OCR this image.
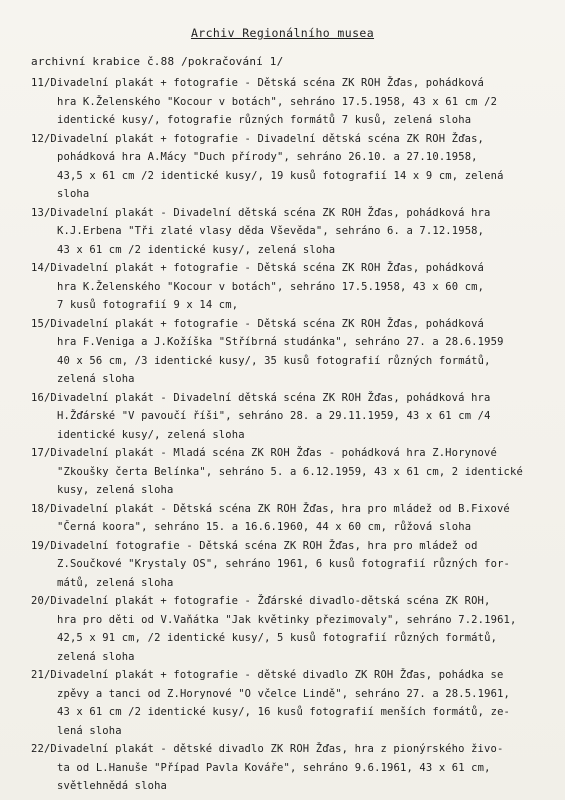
Archiv Regionálního musea
archivní krabice č.88 /pokračování 1/
11/Divadelní plakát + fotografie - Dětská scéna ZK ROH Žďas, pohádková
hra K.Želenského "Kocour v botách", sehráno 17.5.1958, 43 x 61 cm /2
identické kusy/, fotografie různých formátů 7 kusů, zelená sloha
12/Divadelní plakát + fotografie - Divadelní dětská scéna ZK ROH Žďas,
pohádková hra A.Mácy "Duch přírody", sehráno 26.10. a 27.10.1958,
43,5 x 61 cm /2 identické kusy/, 19 kusů fotografií 14 x 9 cm, zelená
sloha
13/Divadelní plakát - Divadelní dětská scéna ZK ROH Žďas, pohádková hra
K.J.Erbena "Tři zlaté vlasy děda Vševěda", sehráno 6. a 7.12.1958,
43 x 61 cm /2 identické kusy/, zelená sloha
14/Divadelní plakát + fotografie - Dětská scéna ZK ROH Žďas, pohádková
hra K.Želenského "Kocour v botách", sehráno 17.5.1958, 43 x 60 cm,
7 kusů fotografií 9 x 14 cm,
15/Divadelní plakát + fotografie - Dětská scéna ZK ROH Žďas, pohádková
hra F.Veniga a J.Kožíška "Stříbrná studánka", sehráno 27. a 28.6.1959
40 x 56 cm, /3 identické kusy/, 35 kusů fotografií různých formátů,
zelená sloha
16/Divadelní plakát - Divadelní dětská scéna ZK ROH Žďas, pohádková hra
H.Žďárské "V pavoučí říši", sehráno 28. a 29.11.1959, 43 x 61 cm /4
identické kusy/, zelená sloha
17/Divadelní plakát - Mladá scéna ZK ROH Žďas - pohádková hra Z.Horynové
"Zkoušky čerta Belínka", sehráno 5. a 6.12.1959, 43 x 61 cm, 2 identické
kusy, zelená sloha
18/Divadelní plakát - Dětská scéna ZK ROH Žďas, hra pro mládež od B.Fixové
"Černá koora", sehráno 15. a 16.6.1960, 44 x 60 cm, růžová sloha
19/Divadelní fotografie - Dětská scéna ZK ROH Žďas, hra pro mládež od
Z.Součkové "Krystaly OS", sehráno 1961, 6 kusů fotografií různých for-
mátů, zelená sloha
20/Divadelní plakát + fotografie - Žďárské divadlo-dětská scéna ZK ROH,
hra pro děti od V.Vaňátka "Jak květinky přezimovaly", sehráno 7.2.1961,
42,5 x 91 cm, /2 identické kusy/, 5 kusů fotografií různých formátů,
zelená sloha
21/Divadelní plakát + fotografie - dětské divadlo ZK ROH Žďas, pohádka se
zpěvy a tanci od Z.Horynové "O včelce Lindě", sehráno 27. a 28.5.1961,
43 x 61 cm /2 identické kusy/, 16 kusů fotografií menších formátů, ze-
lená sloha
22/Divadelní plakát - dětské divadlo ZK ROH Žďas, hra z pionýrského živo-
ta od L.Hanuše "Případ Pavla Kováře", sehráno 9.6.1961, 43 x 61 cm,
světlehnědá sloha
